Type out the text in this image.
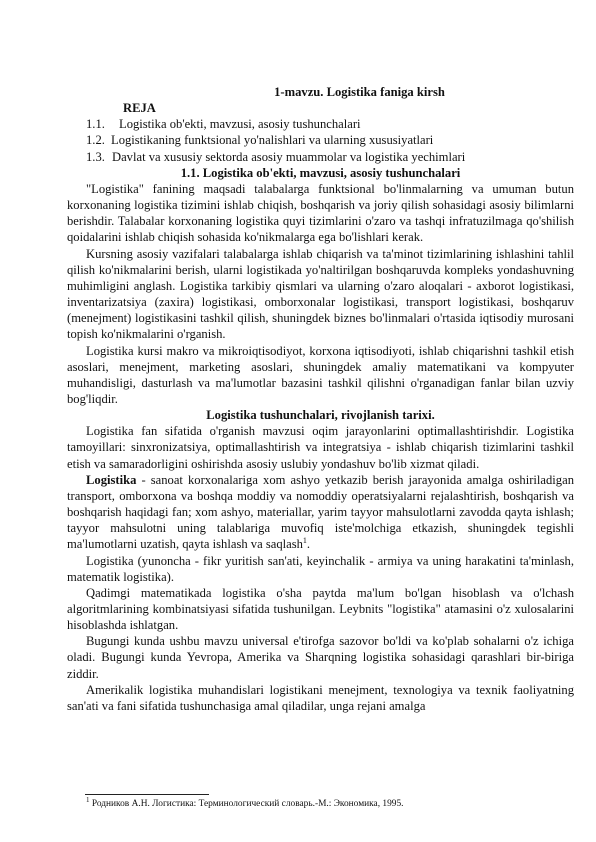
1-mavzu. Logistika faniga kirsh
REJA
1.1. Logistika ob'ekti, mavzusi, asosiy tushunchalari
1.2. Logistikaning funktsional yo'nalishlari va ularning xususiyatlari
1.3. Davlat va xususiy sektorda asosiy muammolar va logistika yechimlari
1.1. Logistika ob'ekti, mavzusi, asosiy tushunchalari

"Logistika" fanining maqsadi talabalarga funktsional bo'linmalarning va umuman butun korxonaning logistika tizimini ishlab chiqish, boshqarish va joriy qilish sohasidagi asosiy bilimlarni berishdir. Talabalar korxonaning logistika quyi tizimlarini o'zaro va tashqi infratuzilmaga qo'shilish qoidalarini ishlab chiqish sohasida ko'nikmalarga ega bo'lishlari kerak.

Kursning asosiy vazifalari talabalarga ishlab chiqarish va ta'minot tizimlarining ishlashini tahlil qilish ko'nikmalarini berish, ularni logistikada yo'naltirilgan boshqaruvda kompleks yondashuvning muhimligini anglash. Logistika tarkibiy qismlari va ularning o'zaro aloqalari - axborot logistikasi, inventarizatsiya (zaxira) logistikasi, omborxonalar logistikasi, transport logistikasi, boshqaruv (menejment) logistikasini tashkil qilish, shuningdek biznes bo'linmalari o'rtasida iqtisodiy murosani topish ko'nikmalarini o'rganish.

Logistika kursi makro va mikroiqtisodiyot, korxona iqtisodiyoti, ishlab chiqarishni tashkil etish asoslari, menejment, marketing asoslari, shuningdek amaliy matematikani va kompyuter muhandisligi, dasturlash va ma'lumotlar bazasini tashkil qilishni o'rganadigan fanlar bilan uzviy bog'liqdir.

Logistika tushunchalari, rivojlanish tarixi.

Logistika fan sifatida o'rganish mavzusi oqim jarayonlarini optimallashtirishdir. Logistika tamoyillari: sinxronizatsiya, optimallashtirish va integratsiya - ishlab chiqarish tizimlarini tashkil etish va samaradorligini oshirishda asosiy uslubiy yondashuv bo'lib xizmat qiladi.

Logistika - sanoat korxonalariga xom ashyo yetkazib berish jarayonida amalga oshiriladigan transport, omborxona va boshqa moddiy va nomoddiy operatsiyalarni rejalashtirish, boshqarish va boshqarish haqidagi fan; xom ashyo, materiallar, yarim tayyor mahsulotlarni zavodda qayta ishlash; tayyor mahsulotni uning talablariga muvofiq iste'molchiga etkazish, shuningdek tegishli ma'lumotlarni uzatish, qayta ishlash va saqlash$^1$.

Logistika (yunoncha - fikr yuritish san'ati, keyinchalik - armiya va uning harakatini ta'minlash, matematik logistika).

Qadimgi matematikada logistika o'sha paytda ma'lum bo'lgan hisoblash va o'lchash algoritmlarining kombinatsiyasi sifatida tushunilgan. Leybnits "logistika" atamasini o'z xulosalarini hisoblashda ishlatgan.

Bugungi kunda ushbu mavzu universal e'tirofga sazovor bo'ldi va ko'plab sohalarni o'z ichiga oladi. Bugungi kunda Yevropa, Amerika va Sharqning logistika sohasidagi qarashlari bir-biriga ziddir.

Amerikalik logistika muhandislari logistikani menejment, texnologiya va texnik faoliyatning san'ati va fani sifatida tushunchasiga amal qiladilar, unga rejani amalga

$^1$ Родников А.Н. Логистика: Терминологический словарь.-М.: Экономика, 1995.
